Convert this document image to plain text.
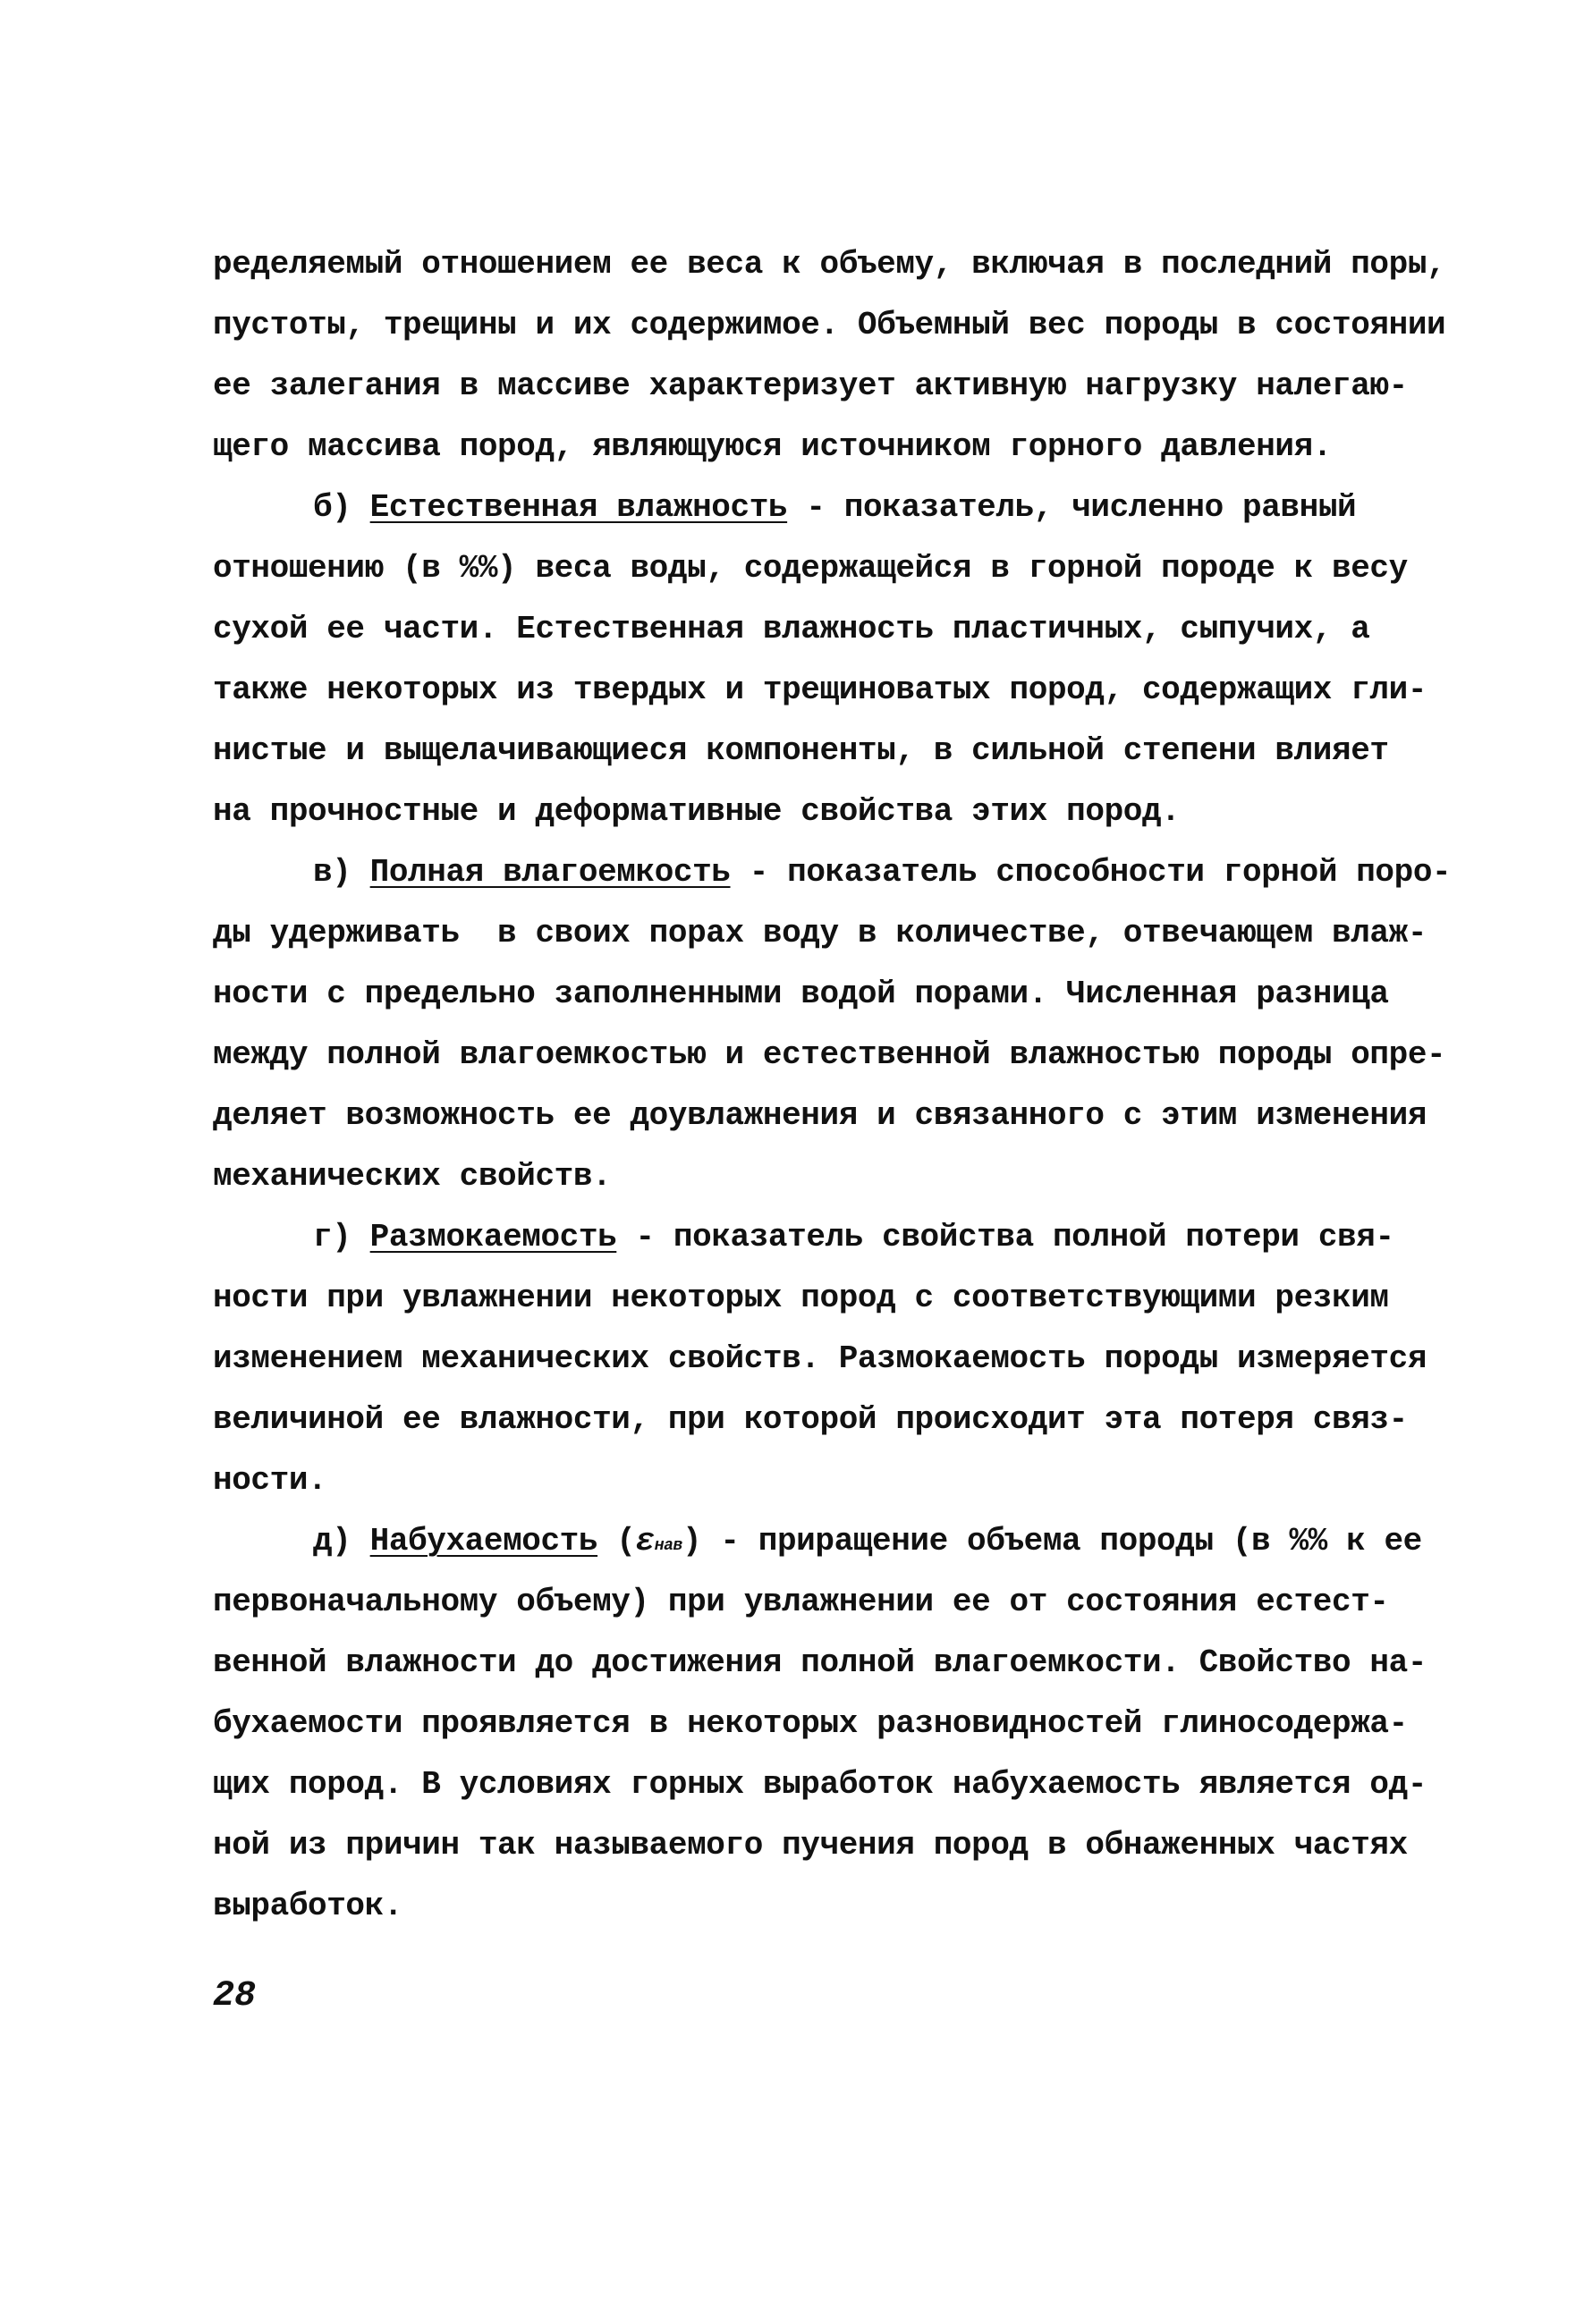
ределяемый отношением ее веса к объему, включая в последний поры,
пустоты, трещины и их содержимое. Объемный вес породы в состоянии
ее залегания в массиве характеризует активную нагрузку налегаю-
щего массива пород, являющуюся источником горного давления.
б) Естественная влажность - показатель, численно равный
отношению (в %%) веса воды, содержащейся в горной породе к весу
сухой ее части. Естественная влажность пластичных, сыпучих, а
также некоторых из твердых и трещиноватых пород, содержащих гли-
нистые и выщелачивающиеся компоненты, в сильной степени влияет
на прочностные и деформативные свойства этих пород.
в) Полная влагоемкость - показатель способности горной поро-
ды удерживать  в своих порах воду в количестве, отвечающем влаж-
ности с предельно заполненными водой порами. Численная разница
между полной влагоемкостью и естественной влажностью породы опре-
деляет возможность ее доувлажнения и связанного с этим изменения
механических свойств.
г) Размокаемость - показатель свойства полной потери свя-
ности при увлажнении некоторых пород с соответствующими резким
изменением механических свойств. Размокаемость породы измеряется
величиной ее влажности, при которой происходит эта потеря связ-
ности.
д) Набухаемость (εнав) - приращение объема породы (в %% к ее
первоначальному объему) при увлажнении ее от состояния естест-
венной влажности до достижения полной влагоемкости. Свойство на-
бухаемости проявляется в некоторых разновидностей глиносодержа-
щих пород. В условиях горных выработок набухаемость является од-
ной из причин так называемого пучения пород в обнаженных частях
выработок.
28
